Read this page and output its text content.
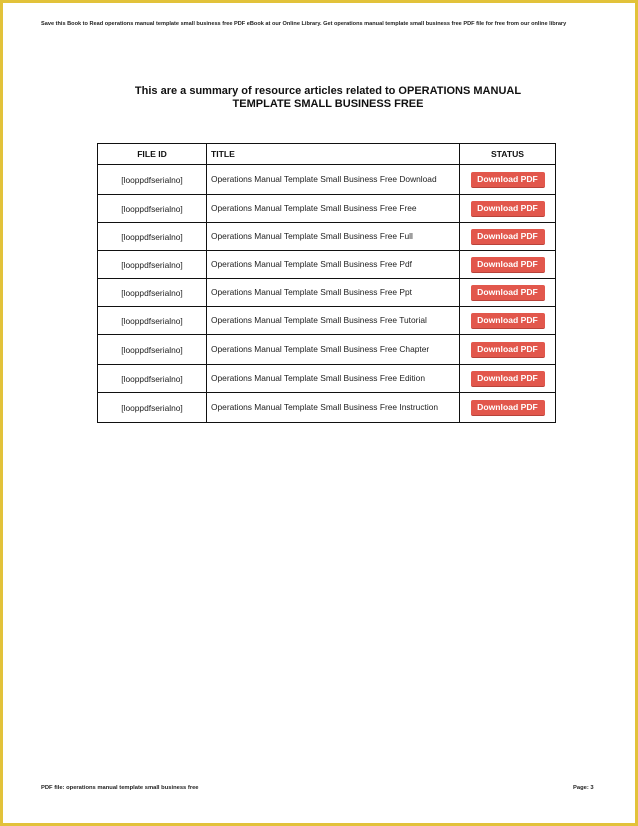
Save this Book to Read operations manual template small business free PDF eBook at our Online Library. Get operations manual template small business free PDF file for free from our online library
This are a summary of resource articles related to OPERATIONS MANUAL
TEMPLATE SMALL BUSINESS FREE
FILE ID	TITLE	STATUS
[looppdfserialno]	Operations Manual Template Small Business Free Download	Download PDF
[looppdfserialno]	Operations Manual Template Small Business Free Free	Download PDF
[looppdfserialno]	Operations Manual Template Small Business Free Full	Download PDF
[looppdfserialno]	Operations Manual Template Small Business Free Pdf	Download PDF
[looppdfserialno]	Operations Manual Template Small Business Free Ppt	Download PDF
[looppdfserialno]	Operations Manual Template Small Business Free Tutorial	Download PDF
[looppdfserialno]	Operations Manual Template Small Business Free Chapter	Download PDF
[looppdfserialno]	Operations Manual Template Small Business Free Edition	Download PDF
[looppdfserialno]	Operations Manual Template Small Business Free Instruction	Download PDF
PDF file: operations manual template small business free	Page: 3
